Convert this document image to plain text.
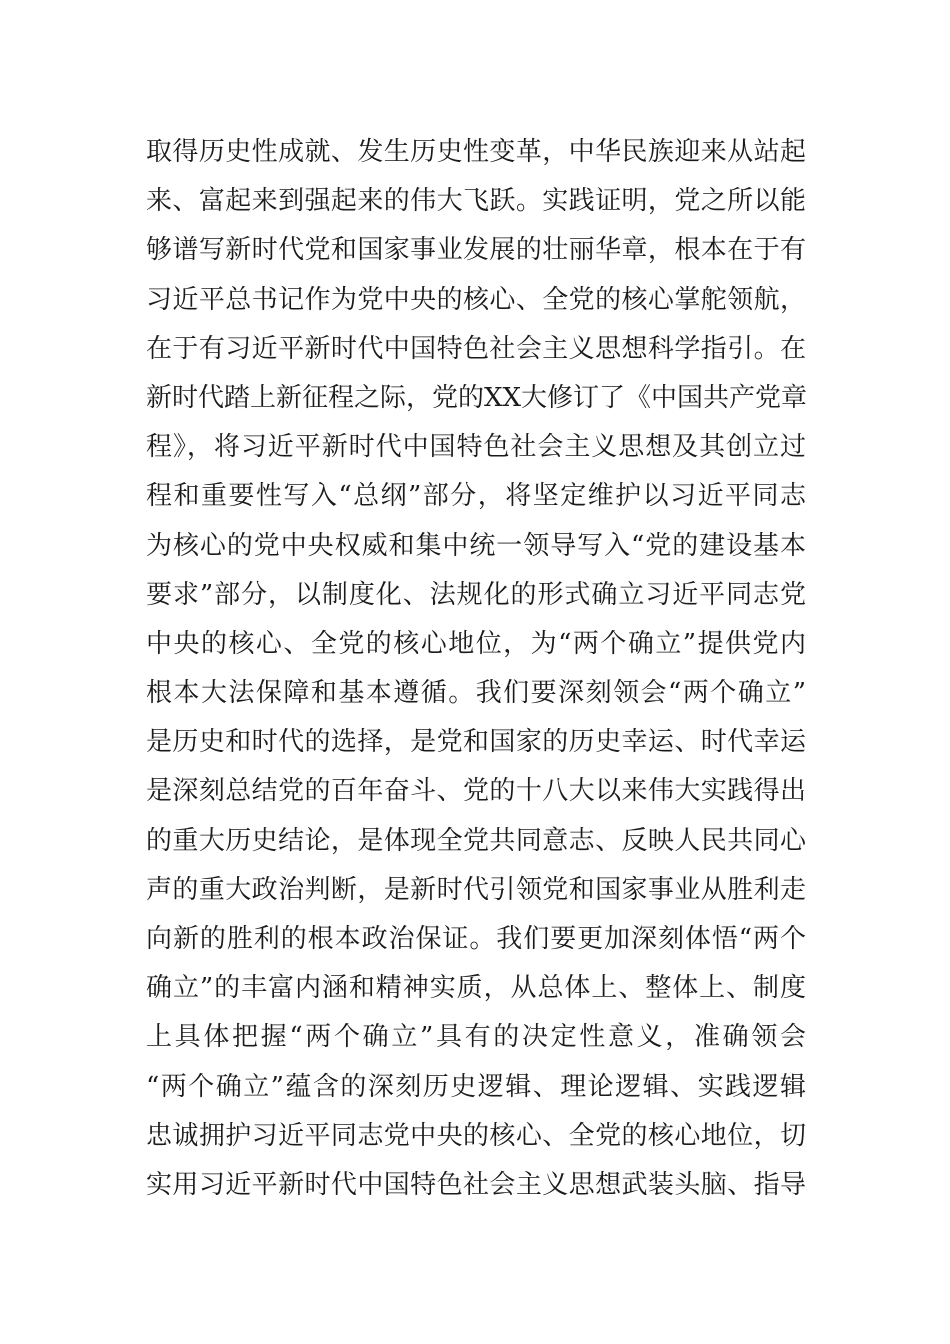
取得历史性成就、发生历史性变革，中华民族迎来从站起
来、富起来到强起来的伟大飞跃。实践证明，党之所以能
够谱写新时代党和国家事业发展的壮丽华章，根本在于有
习近平总书记作为党中央的核心、全党的核心掌舵领航，
在于有习近平新时代中国特色社会主义思想科学指引。在
新时代踏上新征程之际，党的XX大修订了《中国共产党章
程》，将习近平新时代中国特色社会主义思想及其创立过
程和重要性写入“总纲”部分，将坚定维护以习近平同志
为核心的党中央权威和集中统一领导写入“党的建设基本
要求”部分，以制度化、法规化的形式确立习近平同志党
中央的核心、全党的核心地位，为“两个确立”提供党内
根本大法保障和基本遵循。我们要深刻领会“两个确立”
是历史和时代的选择，是党和国家的历史幸运、时代幸运
是深刻总结党的百年奋斗、党的十八大以来伟大实践得出
的重大历史结论，是体现全党共同意志、反映人民共同心
声的重大政治判断，是新时代引领党和国家事业从胜利走
向新的胜利的根本政治保证。我们要更加深刻体悟“两个
确立”的丰富内涵和精神实质，从总体上、整体上、制度
上具体把握“两个确立”具有的决定性意义，准确领会
“两个确立”蕴含的深刻历史逻辑、理论逻辑、实践逻辑
忠诚拥护习近平同志党中央的核心、全党的核心地位，切
实用习近平新时代中国特色社会主义思想武装头脑、指导
